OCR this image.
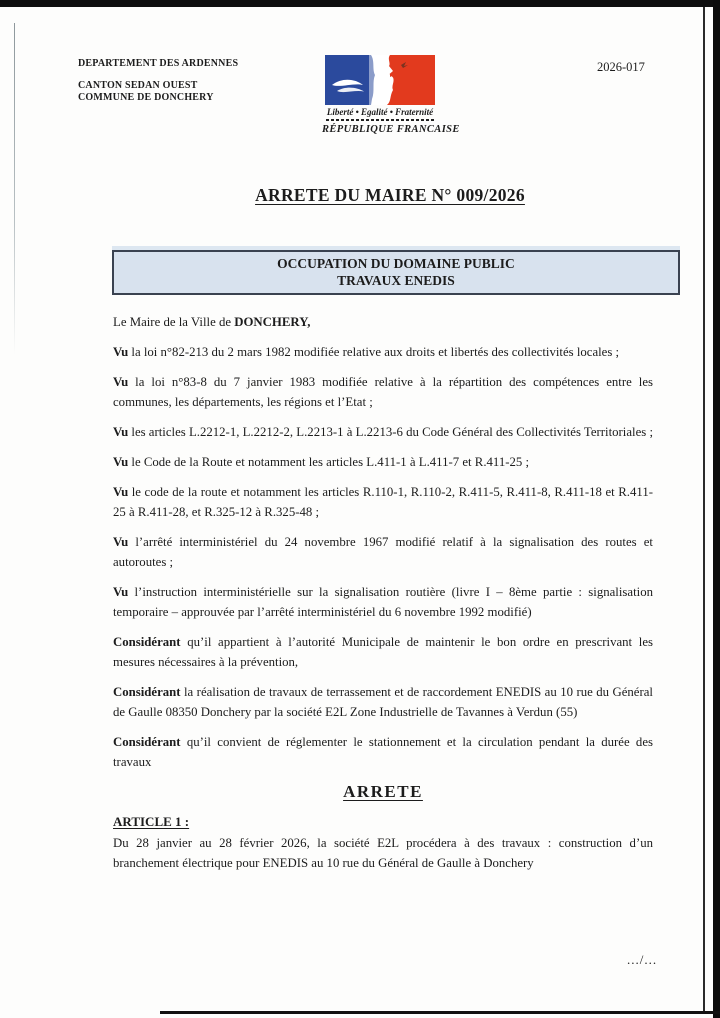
DEPARTEMENT DES ARDENNES
CANTON SEDAN OUEST
COMMUNE DE DONCHERY
Liberté • Egalité • Fraternité
RÉPUBLIQUE FRANCAISE
2026-017
ARRETE DU MAIRE N° 009/2026
OCCUPATION DU DOMAINE PUBLIC
TRAVAUX ENEDIS

Le Maire de la Ville de DONCHERY,

Vu la loi n°82-213 du 2 mars 1982 modifiée relative aux droits et libertés des collectivités locales ;

Vu la loi n°83-8 du 7 janvier 1983 modifiée relative à la répartition des compétences entre les communes, les départements, les régions et l’Etat ;

Vu les articles L.2212-1, L.2212-2, L.2213-1 à L.2213-6 du Code Général des Collectivités Territoriales ;

Vu le Code de la Route et notamment les articles L.411-1 à L.411-7 et R.411-25 ;

Vu le code de la route et notamment les articles R.110-1, R.110-2, R.411-5, R.411-8, R.411-18 et R.411-25 à R.411-28, et R.325-12 à R.325-48 ;

Vu l’arrêté interministériel du 24 novembre 1967 modifié relatif à la signalisation des routes et autoroutes ;

Vu l’instruction interministérielle sur la signalisation routière (livre I – 8ème partie : signalisation temporaire – approuvée par l’arrêté interministériel du 6 novembre 1992 modifié)

Considérant qu’il appartient à l’autorité Municipale de maintenir le bon ordre en prescrivant les mesures nécessaires à la prévention,

Considérant la réalisation de travaux de terrassement et de raccordement ENEDIS au 10 rue du Général de Gaulle 08350 Donchery par la société E2L Zone Industrielle de Tavannes à Verdun (55)

Considérant qu’il convient de réglementer le stationnement et la circulation pendant la durée des travaux

ARRETE
ARTICLE 1 :

Du 28 janvier au 28 février 2026, la société E2L procédera à des travaux : construction d’un branchement électrique pour ENEDIS au 10 rue du Général de Gaulle à Donchery

.../...
